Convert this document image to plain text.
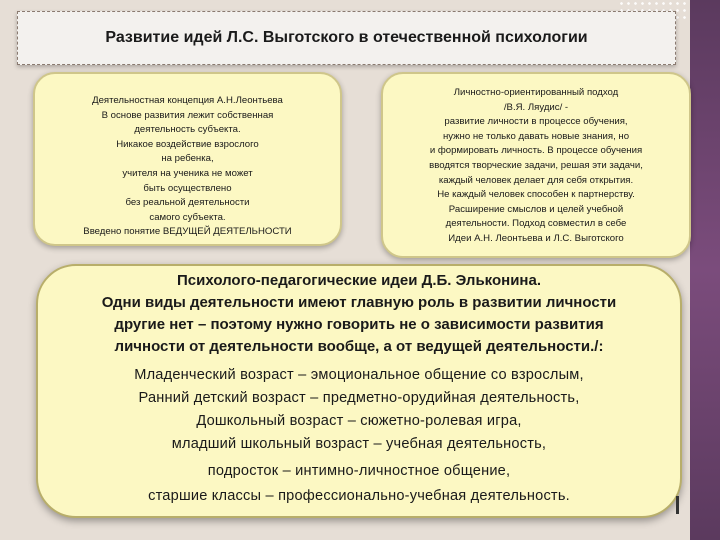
Развитие идей Л.С. Выготского в отечественной психологии
Деятельностная концепция А.Н.Леонтьева
В основе развития лежит собственная
деятельность субъекта.
Никакое воздействие взрослого
на ребенка,
учителя на ученика не может
быть осуществлено
без реальной деятельности
самого субъекта.
Введено понятие ВЕДУЩЕЙ ДЕЯТЕЛЬНОСТИ
Личностно-ориентированный подход
/В.Я. Ляудис/ -
развитие личности в процессе обучения,
нужно не только давать новые знания, но
и формировать личность. В процессе обучения
вводятся творческие задачи, решая эти задачи,
каждый человек делает для себя открытия.
Не каждый человек способен к партнерству.
Расширение смыслов и целей учебной
деятельности. Подход совместил в себе
Идеи А.Н. Леонтьева и Л.С. Выготского
Психолого-педагогические идеи Д.Б. Эльконина.
Одни виды деятельности имеют главную роль в развитии личности
другие нет – поэтому нужно говорить не о зависимости развития
личности от деятельности вообще, а от ведущей деятельности./:
Младенческий возраст – эмоциональное общение со взрослым,
Ранний детский возраст – предметно-орудийная деятельность,
Дошкольный возраст – сюжетно-ролевая игра,
младший школьный возраст – учебная деятельность,
подросток – интимно-личностное общение,
старшие классы – профессионально-учебная деятельность.
